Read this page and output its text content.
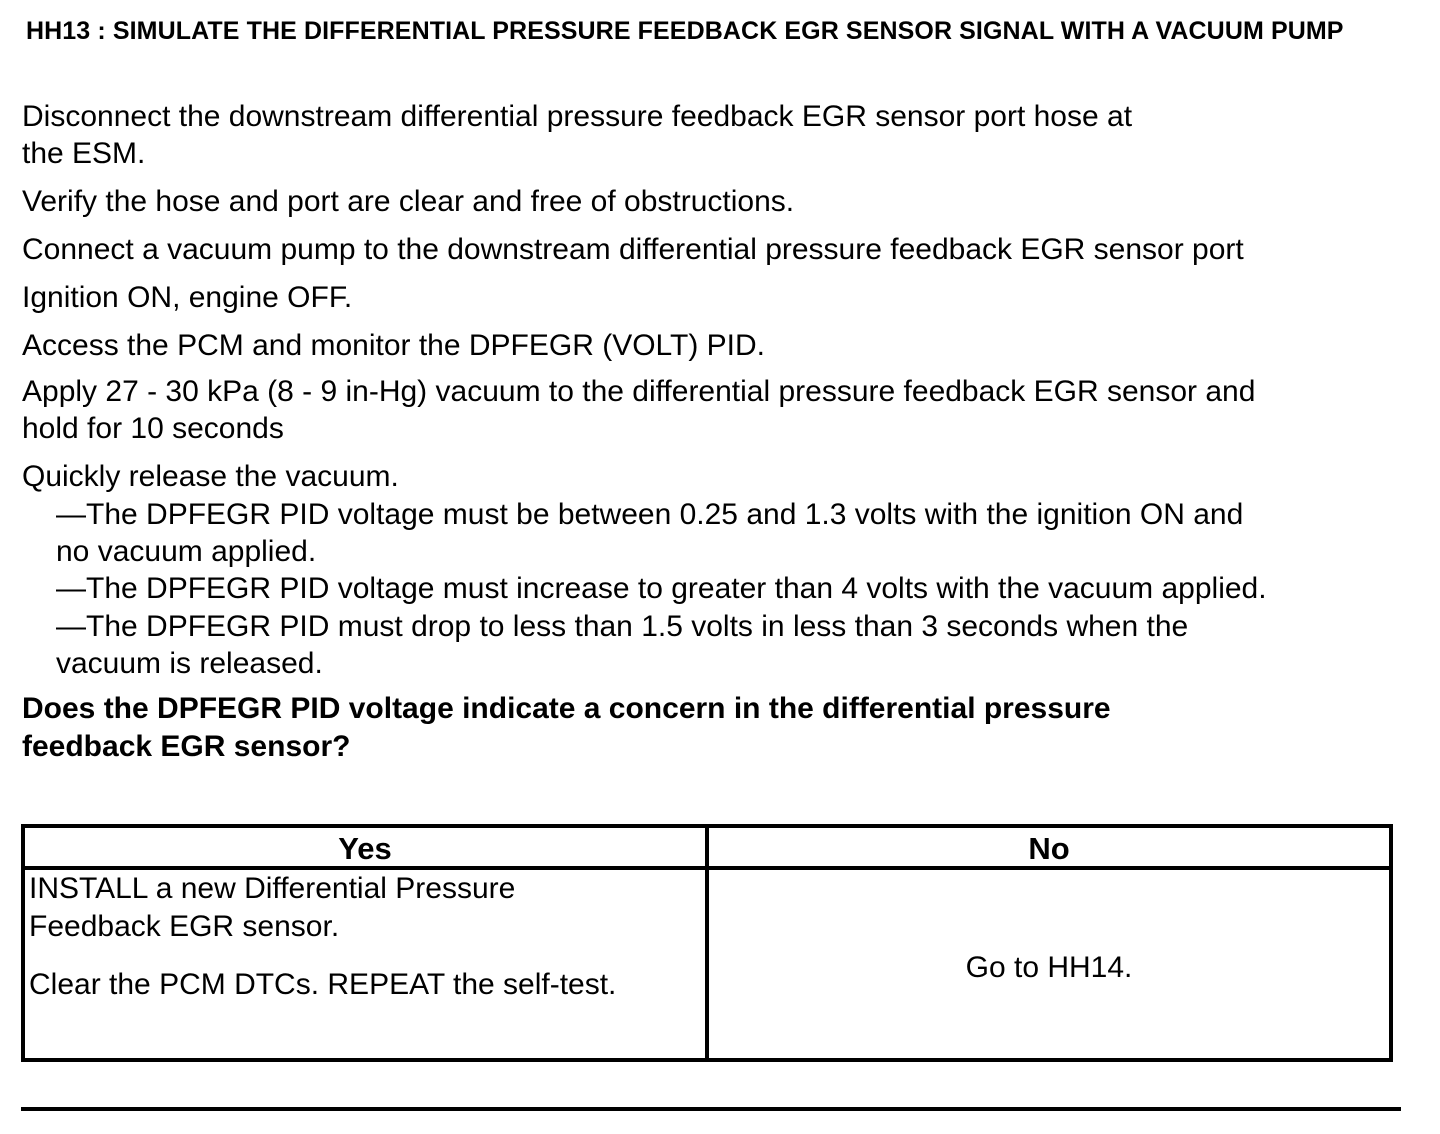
HH13 : SIMULATE THE DIFFERENTIAL PRESSURE FEEDBACK EGR SENSOR SIGNAL WITH A VACUUM PUMP
Disconnect the downstream differential pressure feedback EGR sensor port hose at
the ESM.
Verify the hose and port are clear and free of obstructions.
Connect a vacuum pump to the downstream differential pressure feedback EGR sensor port
Ignition ON, engine OFF.
Access the PCM and monitor the DPFEGR (VOLT) PID.
Apply 27 - 30 kPa (8 - 9 in-Hg) vacuum to the differential pressure feedback EGR sensor and
hold for 10 seconds
Quickly release the vacuum.
—The DPFEGR PID voltage must be between 0.25 and 1.3 volts with the ignition ON and
no vacuum applied.
—The DPFEGR PID voltage must increase to greater than 4 volts with the vacuum applied.
—The DPFEGR PID must drop to less than 1.5 volts in less than 3 seconds when the
vacuum is released.
Does the DPFEGR PID voltage indicate a concern in the differential pressure
feedback EGR sensor?
Yes	No

INSTALL a new Differential Pressure

Feedback EGR sensor.

Clear the PCM DTCs. REPEAT the self-test.

Go to HH14.
